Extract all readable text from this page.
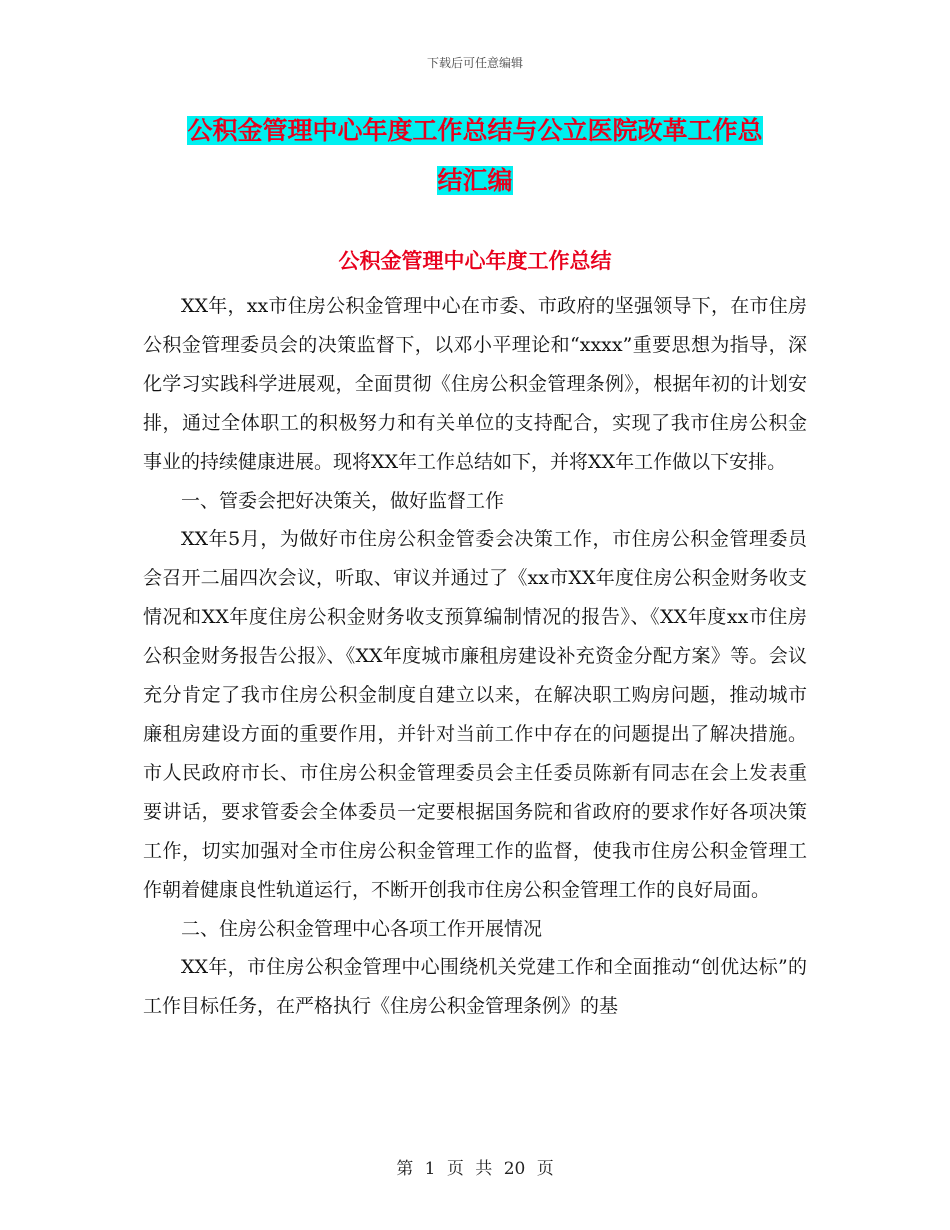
下载后可任意编辑
公积金管理中心年度工作总结与公立医院改革工作总
结汇编
公积金管理中心年度工作总结

XX年，xx市住房公积金管理中心在市委、市政府的坚强领导下，在市住房公积金管理委员会的决策监督下，以邓小平理论和“xxxx”重要思想为指导，深化学习实践科学进展观，全面贯彻《住房公积金管理条例》，根据年初的计划安排，通过全体职工的积极努力和有关单位的支持配合，实现了我市住房公积金事业的持续健康进展。现将XX年工作总结如下，并将XX年工作做以下安排。

一、管委会把好决策关，做好监督工作

XX年5月，为做好市住房公积金管委会决策工作，市住房公积金管理委员会召开二届四次会议，听取、审议并通过了《xx市XX年度住房公积金财务收支情况和XX年度住房公积金财务收支预算编制情况的报告》、《XX年度xx市住房公积金财务报告公报》、《XX年度城市廉租房建设补充资金分配方案》等。会议充分肯定了我市住房公积金制度自建立以来，在解决职工购房问题，推动城市廉租房建设方面的重要作用，并针对当前工作中存在的问题提出了解决措施。市人民政府市长、市住房公积金管理委员会主任委员陈新有同志在会上发表重要讲话，要求管委会全体委员一定要根据国务院和省政府的要求作好各项决策工作，切实加强对全市住房公积金管理工作的监督，使我市住房公积金管理工作朝着健康良性轨道运行，不断开创我市住房公积金管理工作的良好局面。

二、住房公积金管理中心各项工作开展情况

XX年，市住房公积金管理中心围绕机关党建工作和全面推动“创优达标”的工作目标任务，在严格执行《住房公积金管理条例》的基

第 1 页 共 20 页
